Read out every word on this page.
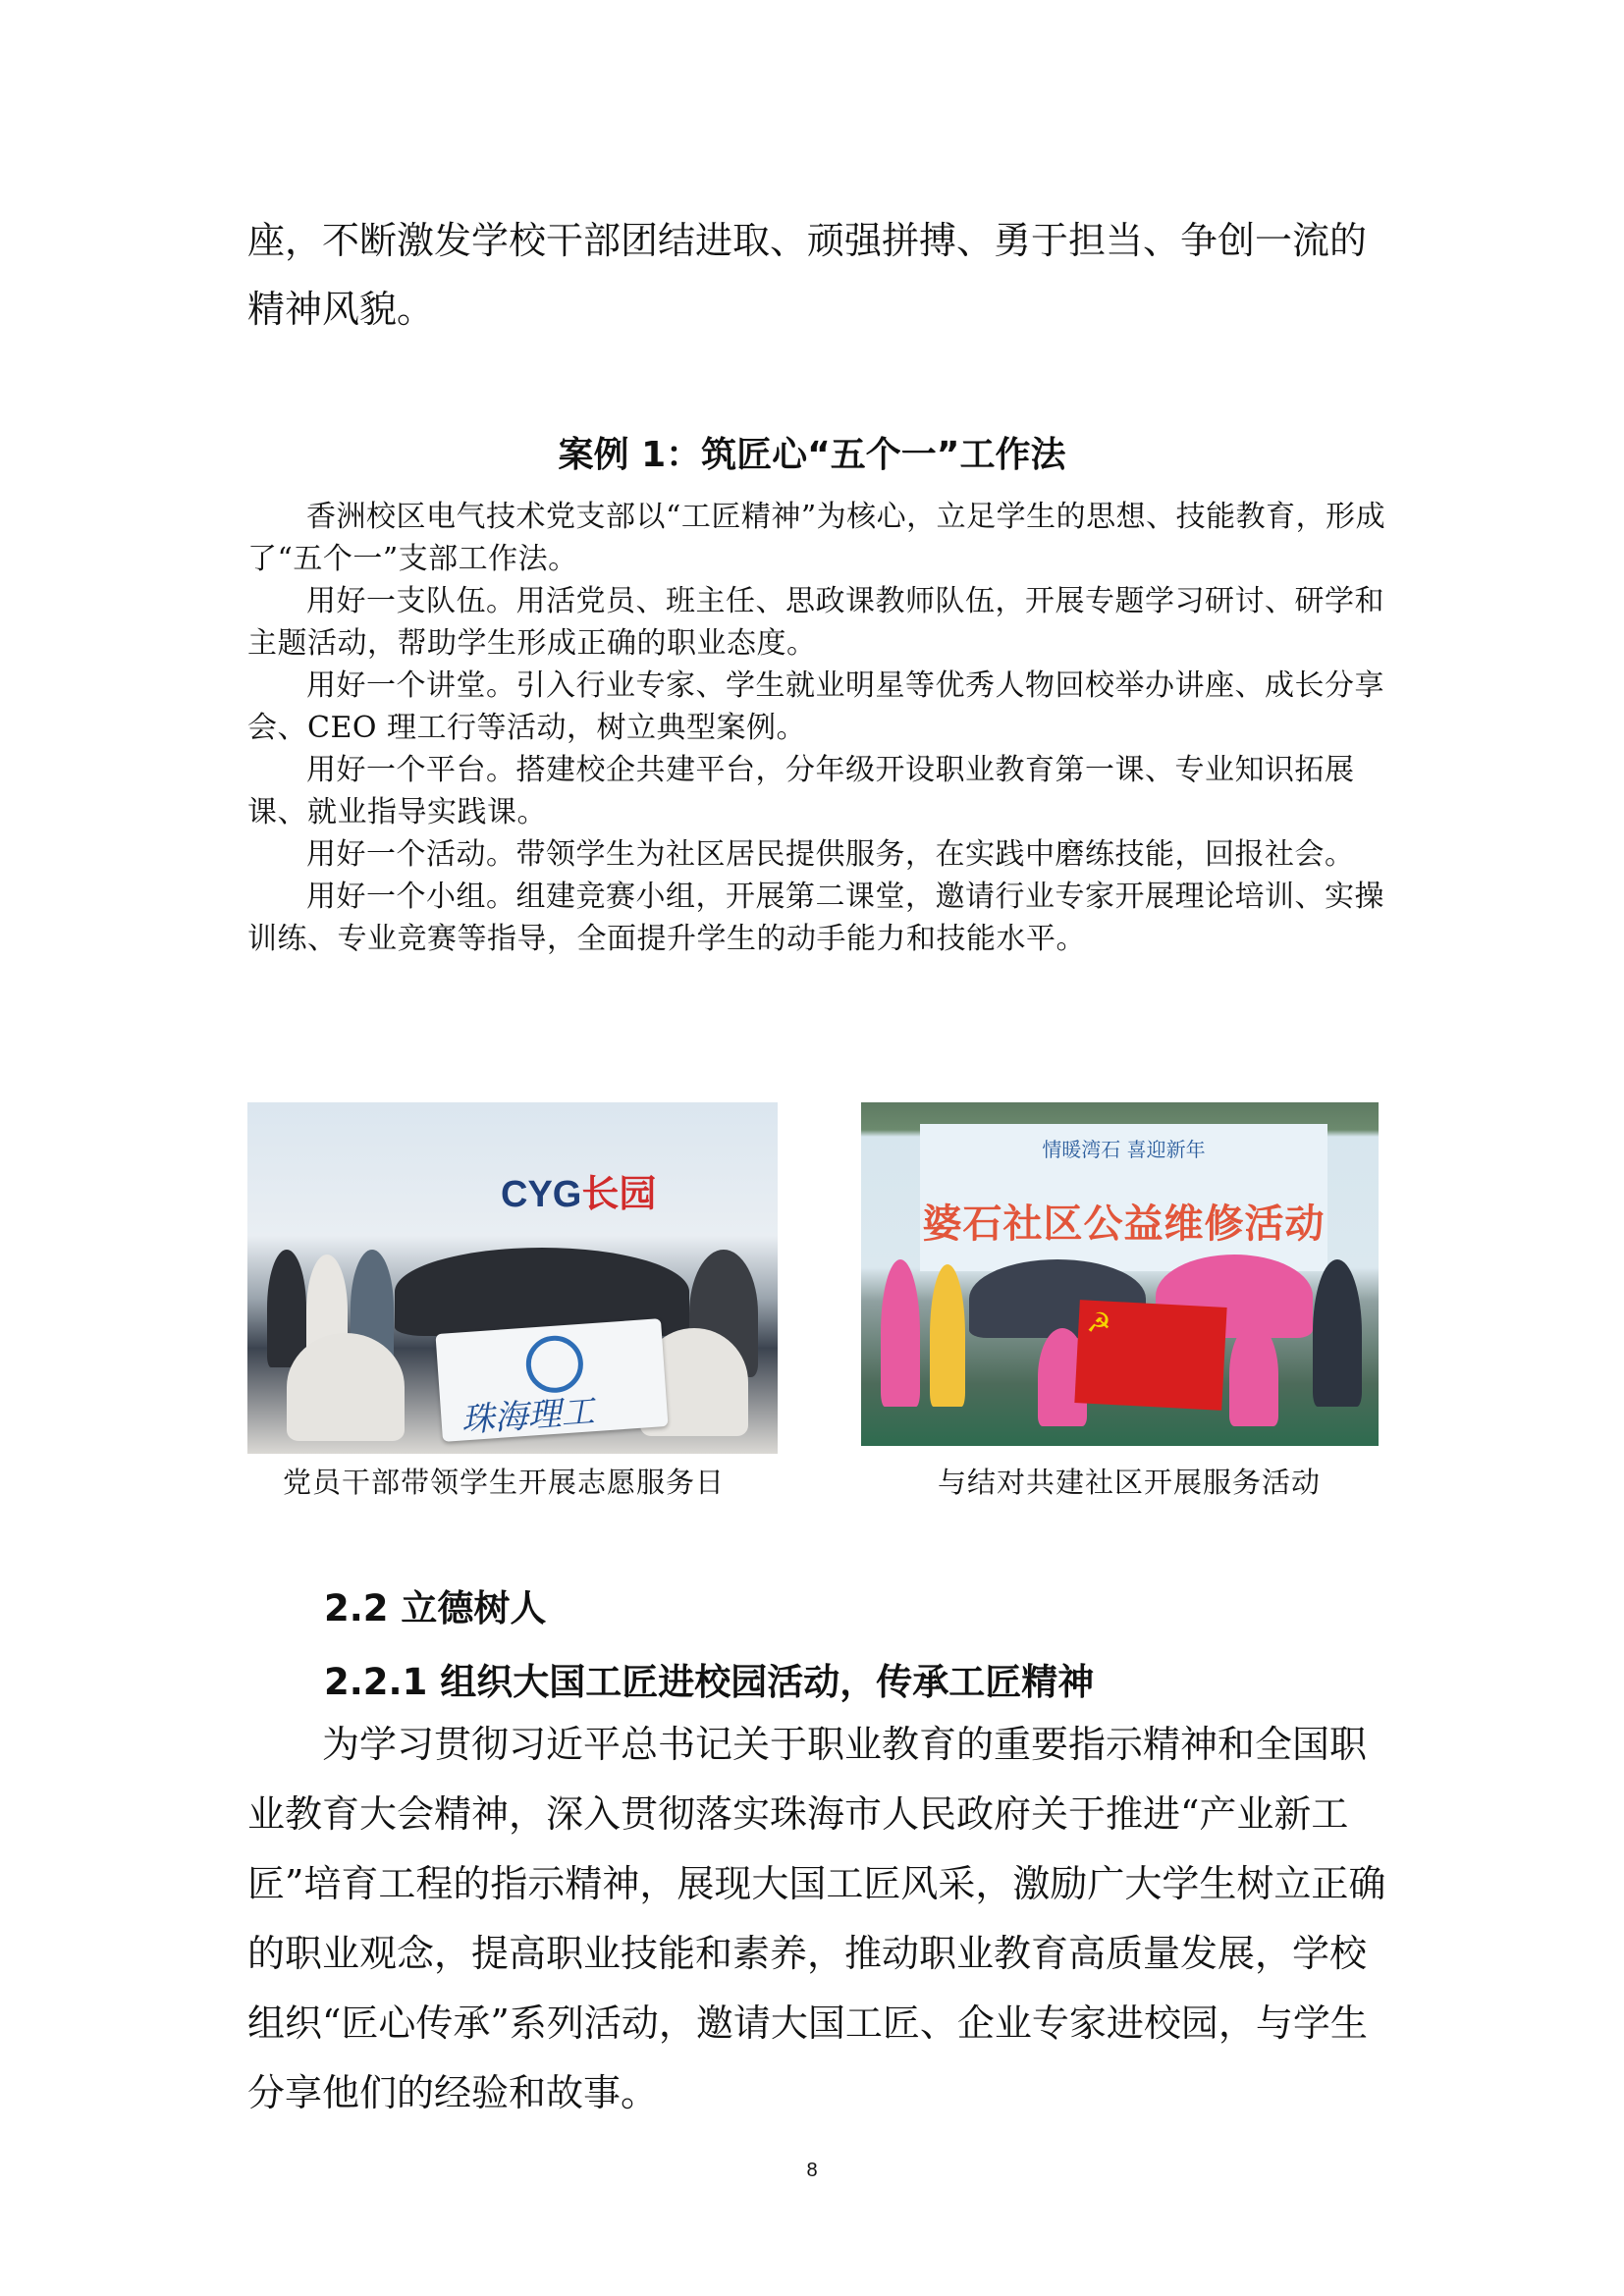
座，不断激发学校干部团结进取、顽强拼搏、勇于担当、争创一流的精神风貌。

案例 1：筑匠心“五个一”工作法

香洲校区电气技术党支部以“工匠精神”为核心，立足学生的思想、技能教育，形成了“五个一”支部工作法。

用好一支队伍。用活党员、班主任、思政课教师队伍，开展专题学习研讨、研学和主题活动，帮助学生形成正确的职业态度。

用好一个讲堂。引入行业专家、学生就业明星等优秀人物回校举办讲座、成长分享会、CEO 理工行等活动，树立典型案例。

用好一个平台。搭建校企共建平台，分年级开设职业教育第一课、专业知识拓展课、就业指导实践课。

用好一个活动。带领学生为社区居民提供服务，在实践中磨练技能，回报社会。

用好一个小组。组建竞赛小组，开展第二课堂，邀请行业专家开展理论培训、实操训练、专业竞赛等指导，全面提升学生的动手能力和技能水平。

CYG长园
珠海理工
党员干部带领学生开展志愿服务日
情暖湾石 喜迎新年
婆石社区公益维修活动
☭
与结对共建社区开展服务活动
2.2 立德树人
2.2.1 组织大国工匠进校园活动，传承工匠精神

为学习贯彻习近平总书记关于职业教育的重要指示精神和全国职业教育大会精神，深入贯彻落实珠海市人民政府关于推进“产业新工匠”培育工程的指示精神，展现大国工匠风采，激励广大学生树立正确的职业观念，提高职业技能和素养，推动职业教育高质量发展，学校组织“匠心传承”系列活动，邀请大国工匠、企业专家进校园，与学生分享他们的经验和故事。

8
